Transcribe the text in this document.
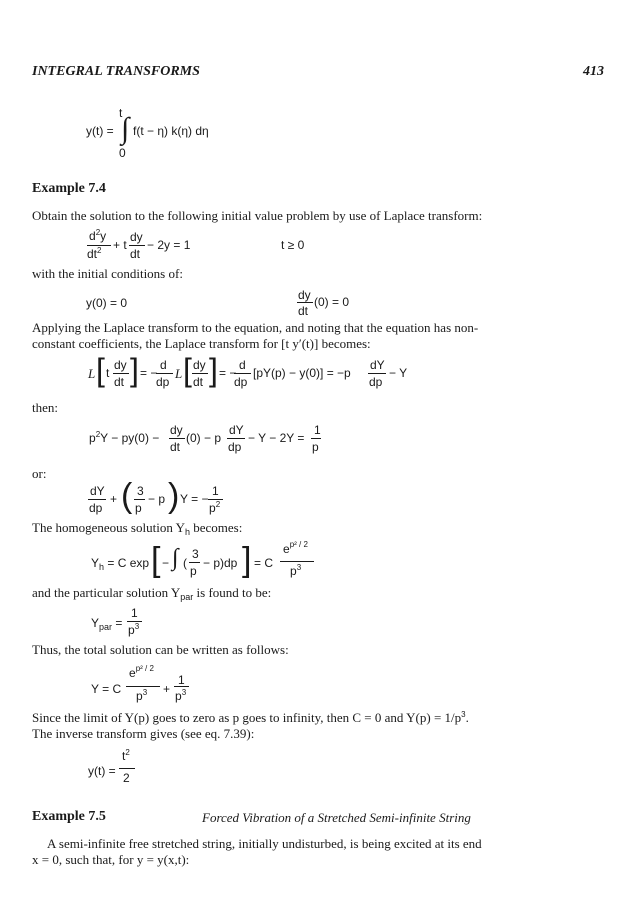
INTEGRAL TRANSFORMS	413
t
y(t) = ∫ f(t − η) k(η) dη
0
Example 7.4
Obtain the solution to the following initial value problem by use of Laplace transform:
$d^2y$
$dt^2 + t$
dy
dt
− 2y = 1	t ≥ 0
with the initial conditions of:
y(0) = 0
dy
dt
(0) = 0
Applying the Laplace transform to the equation, and noting that the equation has non-
constant coefficients, the Laplace transform for [t y′(t)] becomes:
L [ t
dy
dt ] = −
d
dp
L [ dy
dt ] = −
d
dp
[pY(p) − y(0)] = −p
dY
dp
− Y
then:
$p^2Y - py(0)$ −
dy
dt
(0) − p
dY
dp
− Y − 2Y =
1
p
or:
dY
dp
+ ( 3
p
− p ) Y = −
1
$p^2$
The homogeneous solution $Y_h$ becomes:
$Y_h = C$ exp [ − ∫ (
3
p
− p)dp ] = C
$e^{p^2 / 2}$
$p^3$
and the particular solution $Y_{par}$ is found to be:
$Y_{par}$ =
1
$p^3$
Thus, the total solution can be written as follows:
Y = C
$e^{p^2 / 2}$
$p^3$ +
1
$p^3$
Since the limit of Y(p) goes to zero as p goes to infinity, then C = 0 and $Y(p) = 1/p^3$.
The inverse transform gives (see eq. 7.39):
y(t) =
$t^2$
2
Example 7.5	Forced Vibration of a Stretched Semi-infinite String
A semi-infinite free stretched string, initially undisturbed, is being excited at its end
x = 0, such that, for y = y(x,t):
